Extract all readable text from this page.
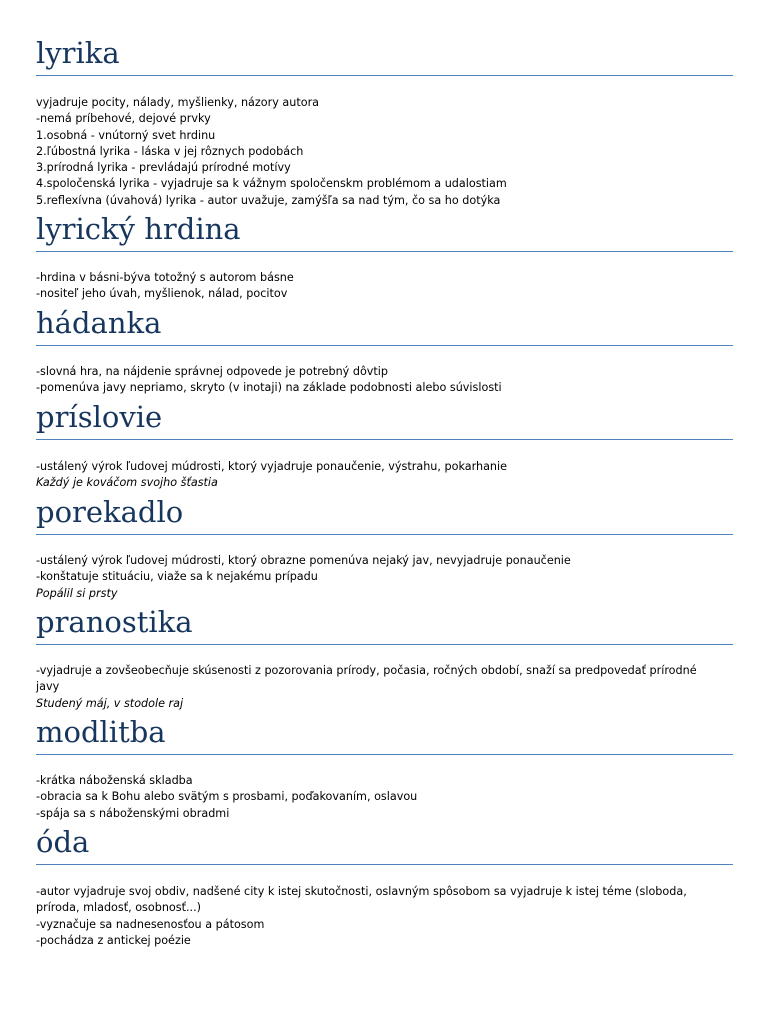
lyrika
vyjadruje pocity, nálady, myšlienky, názory autora
-nemá príbehové, dejové prvky
1.osobná - vnútorný svet hrdinu
2.ľúbostná lyrika - láska v jej rôznych podobách
3.prírodná lyrika - prevládajú prírodné motívy
4.spoločenská lyrika - vyjadruje sa k vážnym spoločenskm problémom a udalostiam
5.reflexívna (úvahová) lyrika - autor uvažuje, zamýšľa sa nad tým, čo sa ho dotýka
lyrický hrdina
-hrdina v básni-býva totožný s autorom básne
-nositeľ jeho úvah, myšlienok, nálad, pocitov
hádanka
-slovná hra, na nájdenie správnej odpovede je potrebný dôvtip
-pomenúva javy nepriamo, skryto (v inotaji) na základe podobnosti alebo súvislosti
príslovie
-ustálený výrok ľudovej múdrosti, ktorý vyjadruje ponaučenie, výstrahu, pokarhanie
Každý je kováčom svojho šťastia
porekadlo
-ustálený výrok ľudovej múdrosti, ktorý obrazne pomenúva nejaký jav, nevyjadruje ponaučenie
-konštatuje stituáciu, viaže sa k nejakému prípadu
Popálil si prsty
pranostika
-vyjadruje a zovšeobecňuje skúsenosti z pozorovania prírody, počasia, ročných období, snaží sa predpovedať prírodné
javy
Studený máj, v stodole raj
modlitba
-krátka náboženská skladba
-obracia sa k Bohu alebo svätým s prosbami, poďakovaním, oslavou
-spája sa s náboženskými obradmi
óda
-autor vyjadruje svoj obdiv, nadšené city k istej skutočnosti, oslavným spôsobom sa vyjadruje k istej téme (sloboda,
príroda, mladosť, osobnosť...)
-vyznačuje sa nadnesenosťou a pátosom
-pochádza z antickej poézie
